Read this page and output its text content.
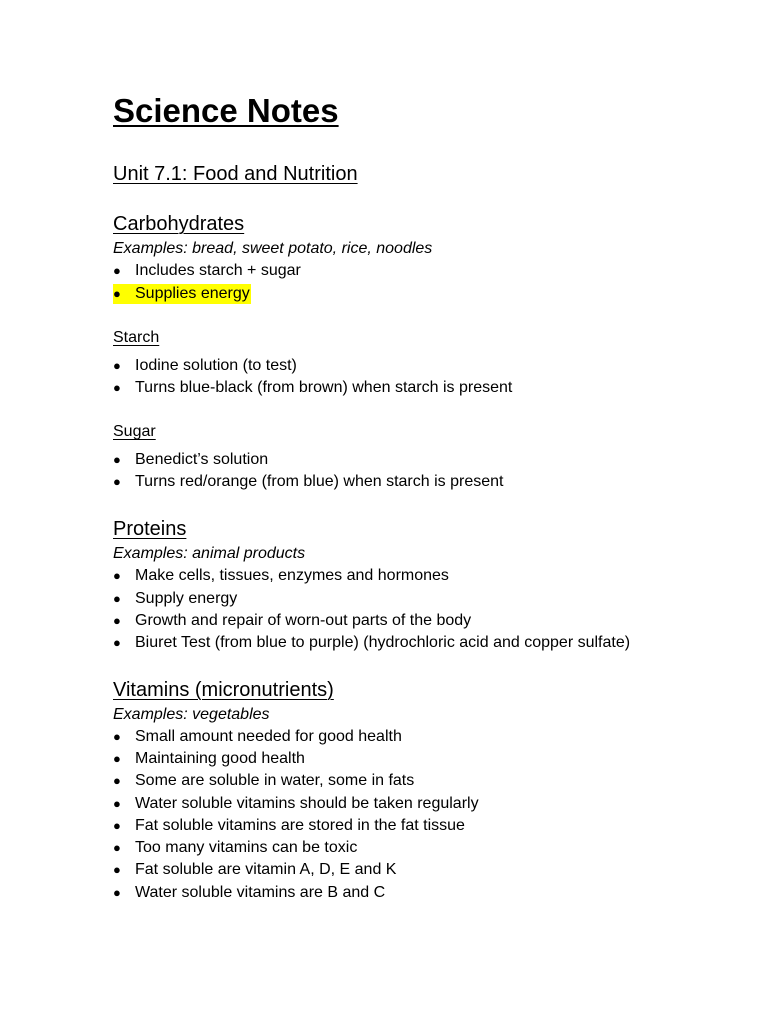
Science Notes
Unit 7.1: Food and Nutrition
Carbohydrates
Examples: bread, sweet potato, rice, noodles
● Includes starch + sugar
● Supplies energy
Starch
● Iodine solution (to test)
● Turns blue-black (from brown) when starch is present
Sugar
● Benedict’s solution
● Turns red/orange (from blue) when starch is present
Proteins
Examples: animal products
● Make cells, tissues, enzymes and hormones
● Supply energy
● Growth and repair of worn-out parts of the body
● Biuret Test (from blue to purple) (hydrochloric acid and copper sulfate)
Vitamins (micronutrients)
Examples: vegetables
● Small amount needed for good health
● Maintaining good health
● Some are soluble in water, some in fats
● Water soluble vitamins should be taken regularly
● Fat soluble vitamins are stored in the fat tissue
● Too many vitamins can be toxic
● Fat soluble are vitamin A, D, E and K
● Water soluble vitamins are B and C
